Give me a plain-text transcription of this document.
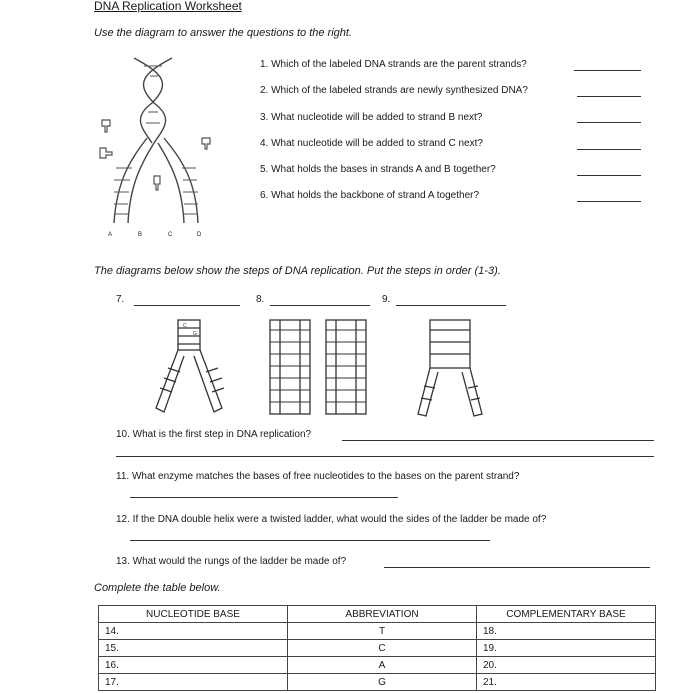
DNA Replication Worksheet
Use the diagram to answer the questions to the right.
A	B	C	D
1. Which of the labeled DNA strands are the parent strands?
2. Which of the labeled strands are newly synthesized DNA?
3. What nucleotide will be added to strand B next?
4. What nucleotide will be added to strand C next?
5. What holds the bases in strands A and B together?
6. What holds the backbone of strand A together?
The diagrams below show the steps of DNA replication. Put the steps in order (1-3).
7.	8.	9.
C
G
10. What is the first step in DNA replication?
11. What enzyme matches the bases of free nucleotides to the bases on the parent strand?
12. If the DNA double helix were a twisted ladder, what would the sides of the ladder be made of?
13. What would the rungs of the ladder be made of?
Complete the table below.
NUCLEOTIDE BASE	ABBREVIATION	COMPLEMENTARY BASE
14.	T	18.
15.	C	19.
16.	A	20.
17.	G	21.
